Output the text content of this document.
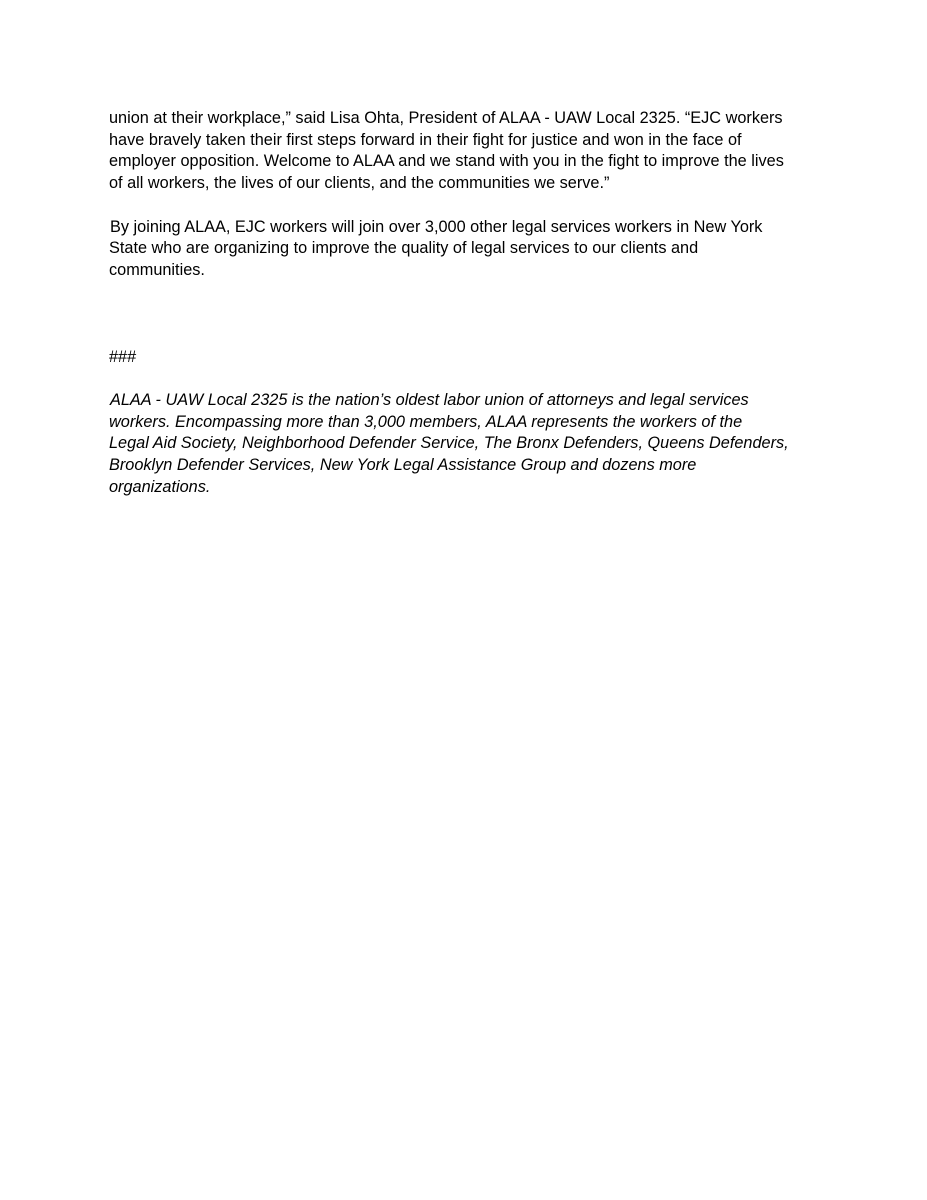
union at their workplace,” said Lisa Ohta, President of ALAA - UAW Local 2325. “EJC workers
have bravely taken their first steps forward in their fight for justice and won in the face of
employer opposition. Welcome to ALAA and we stand with you in the fight to improve the lives
of all workers, the lives of our clients, and the communities we serve.”

By joining ALAA, EJC workers will join over 3,000 other legal services workers in New York
State who are organizing to improve the quality of legal services to our clients and
communities.

###

ALAA - UAW Local 2325 is the nation’s oldest labor union of attorneys and legal services
workers. Encompassing more than 3,000 members, ALAA represents the workers of the
Legal Aid Society, Neighborhood Defender Service, The Bronx Defenders, Queens Defenders,
Brooklyn Defender Services, New York Legal Assistance Group and dozens more
organizations.
